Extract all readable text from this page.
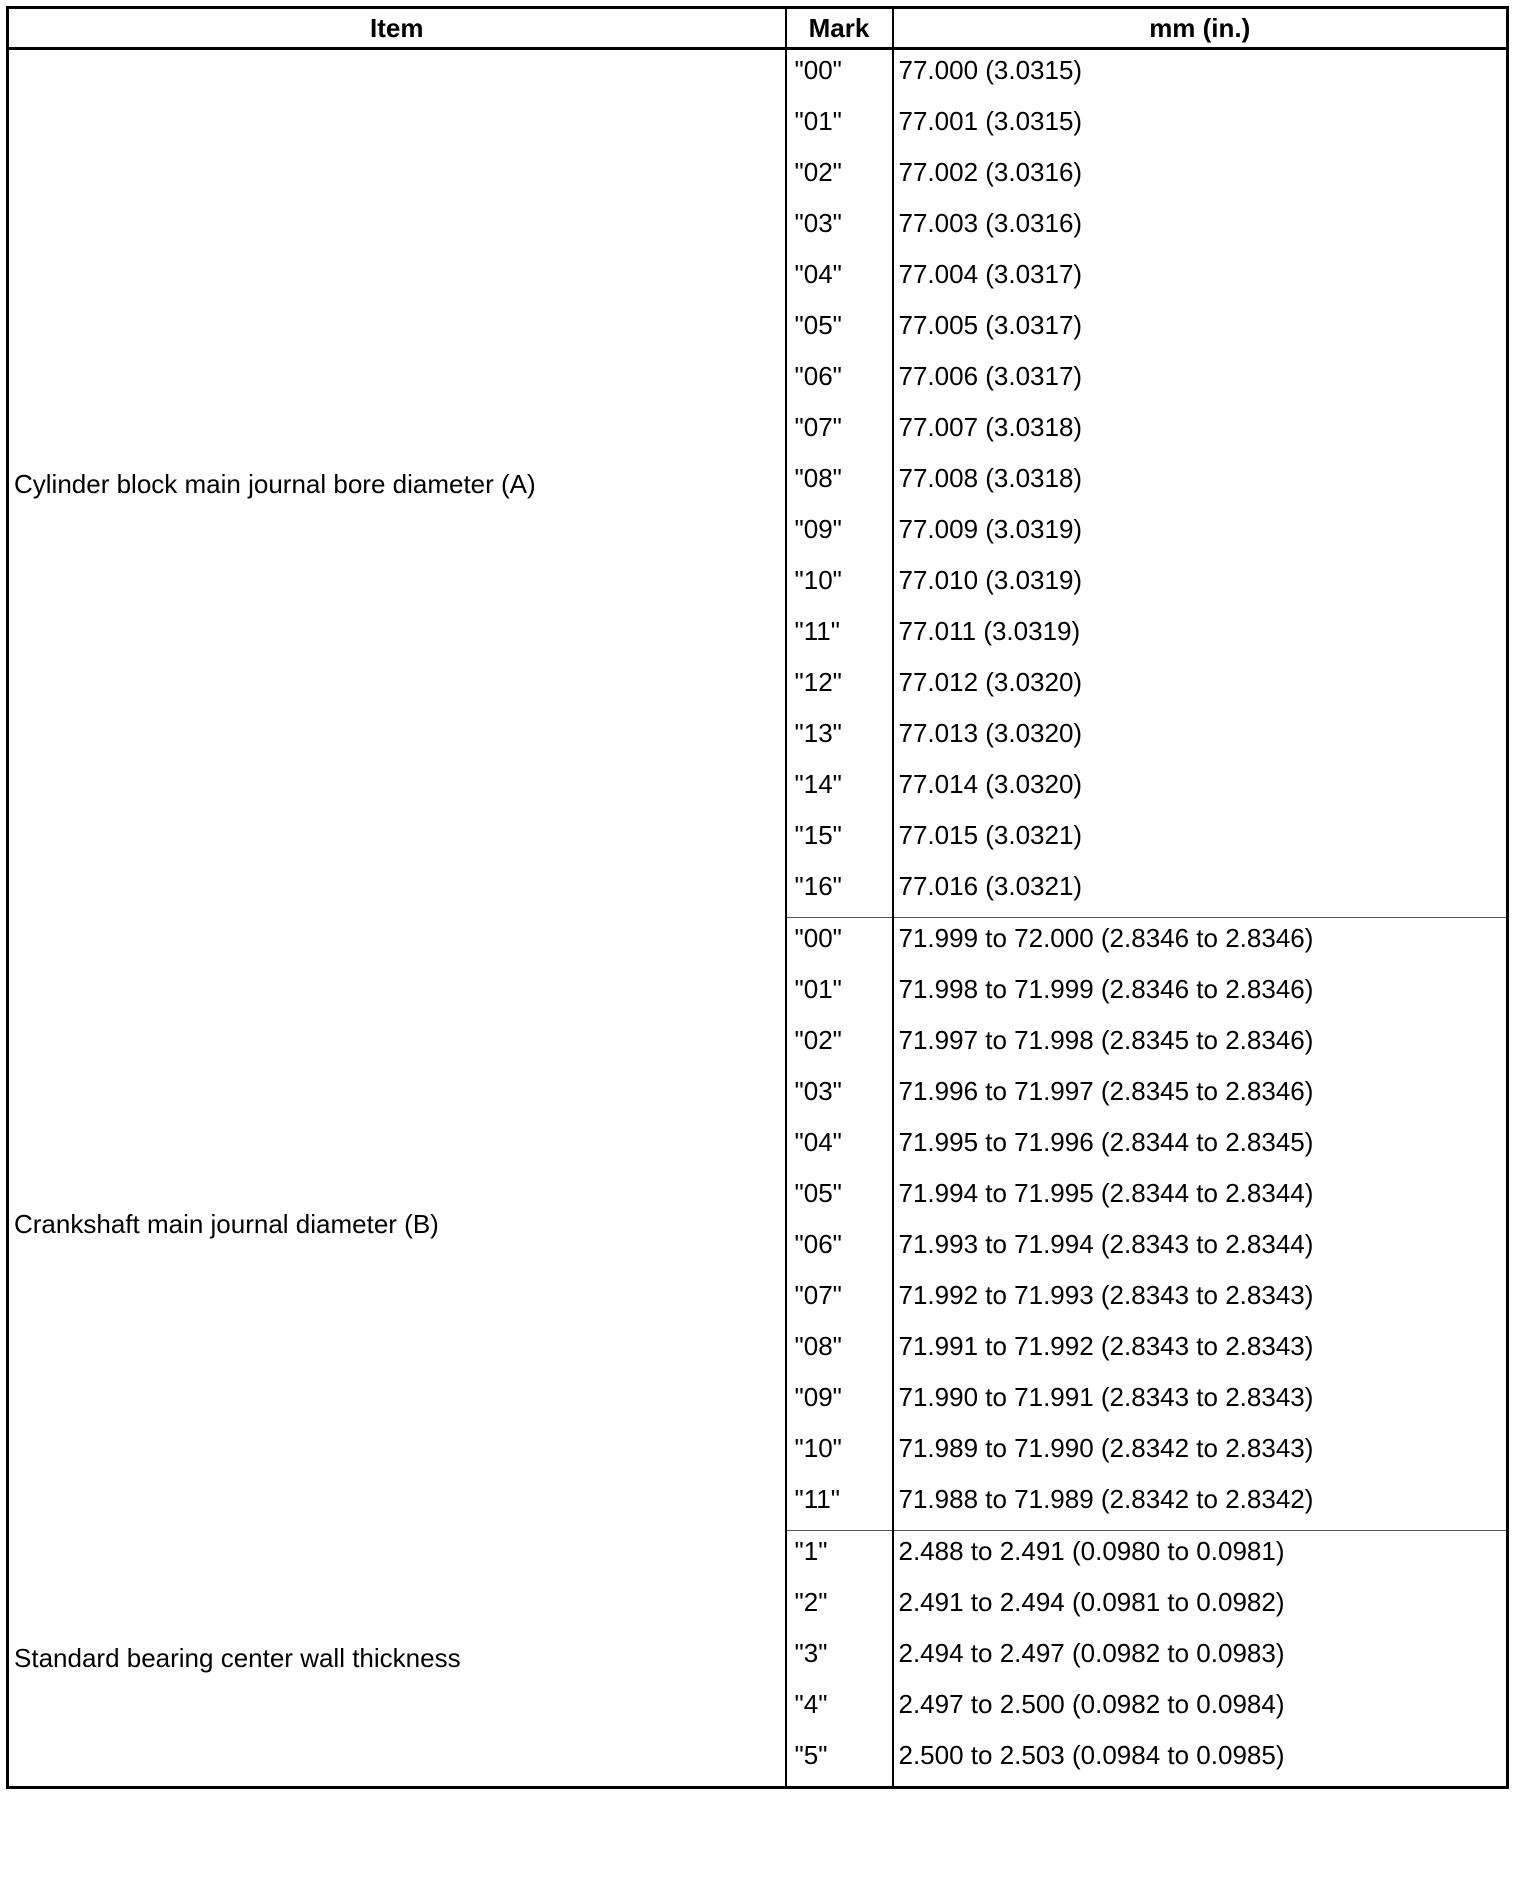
Item	Mark	mm (in.)
Cylinder block main journal bore diameter (A)	"00"	77.000 (3.0315)
	"01"	77.001 (3.0315)
	"02"	77.002 (3.0316)
	"03"	77.003 (3.0316)
	"04"	77.004 (3.0317)
	"05"	77.005 (3.0317)
	"06"	77.006 (3.0317)
	"07"	77.007 (3.0318)
	"08"	77.008 (3.0318)
	"09"	77.009 (3.0319)
	"10"	77.010 (3.0319)
	"11"	77.011 (3.0319)
	"12"	77.012 (3.0320)
	"13"	77.013 (3.0320)
	"14"	77.014 (3.0320)
	"15"	77.015 (3.0321)
	"16"	77.016 (3.0321)
Crankshaft main journal diameter (B)	"00"	71.999 to 72.000 (2.8346 to 2.8346)
	"01"	71.998 to 71.999 (2.8346 to 2.8346)
	"02"	71.997 to 71.998 (2.8345 to 2.8346)
	"03"	71.996 to 71.997 (2.8345 to 2.8346)
	"04"	71.995 to 71.996 (2.8344 to 2.8345)
	"05"	71.994 to 71.995 (2.8344 to 2.8344)
	"06"	71.993 to 71.994 (2.8343 to 2.8344)
	"07"	71.992 to 71.993 (2.8343 to 2.8343)
	"08"	71.991 to 71.992 (2.8343 to 2.8343)
	"09"	71.990 to 71.991 (2.8343 to 2.8343)
	"10"	71.989 to 71.990 (2.8342 to 2.8343)
	"11"	71.988 to 71.989 (2.8342 to 2.8342)
Standard bearing center wall thickness	"1"	2.488 to 2.491 (0.0980 to 0.0981)
	"2"	2.491 to 2.494 (0.0981 to 0.0982)
	"3"	2.494 to 2.497 (0.0982 to 0.0983)
	"4"	2.497 to 2.500 (0.0982 to 0.0984)
	"5"	2.500 to 2.503 (0.0984 to 0.0985)
